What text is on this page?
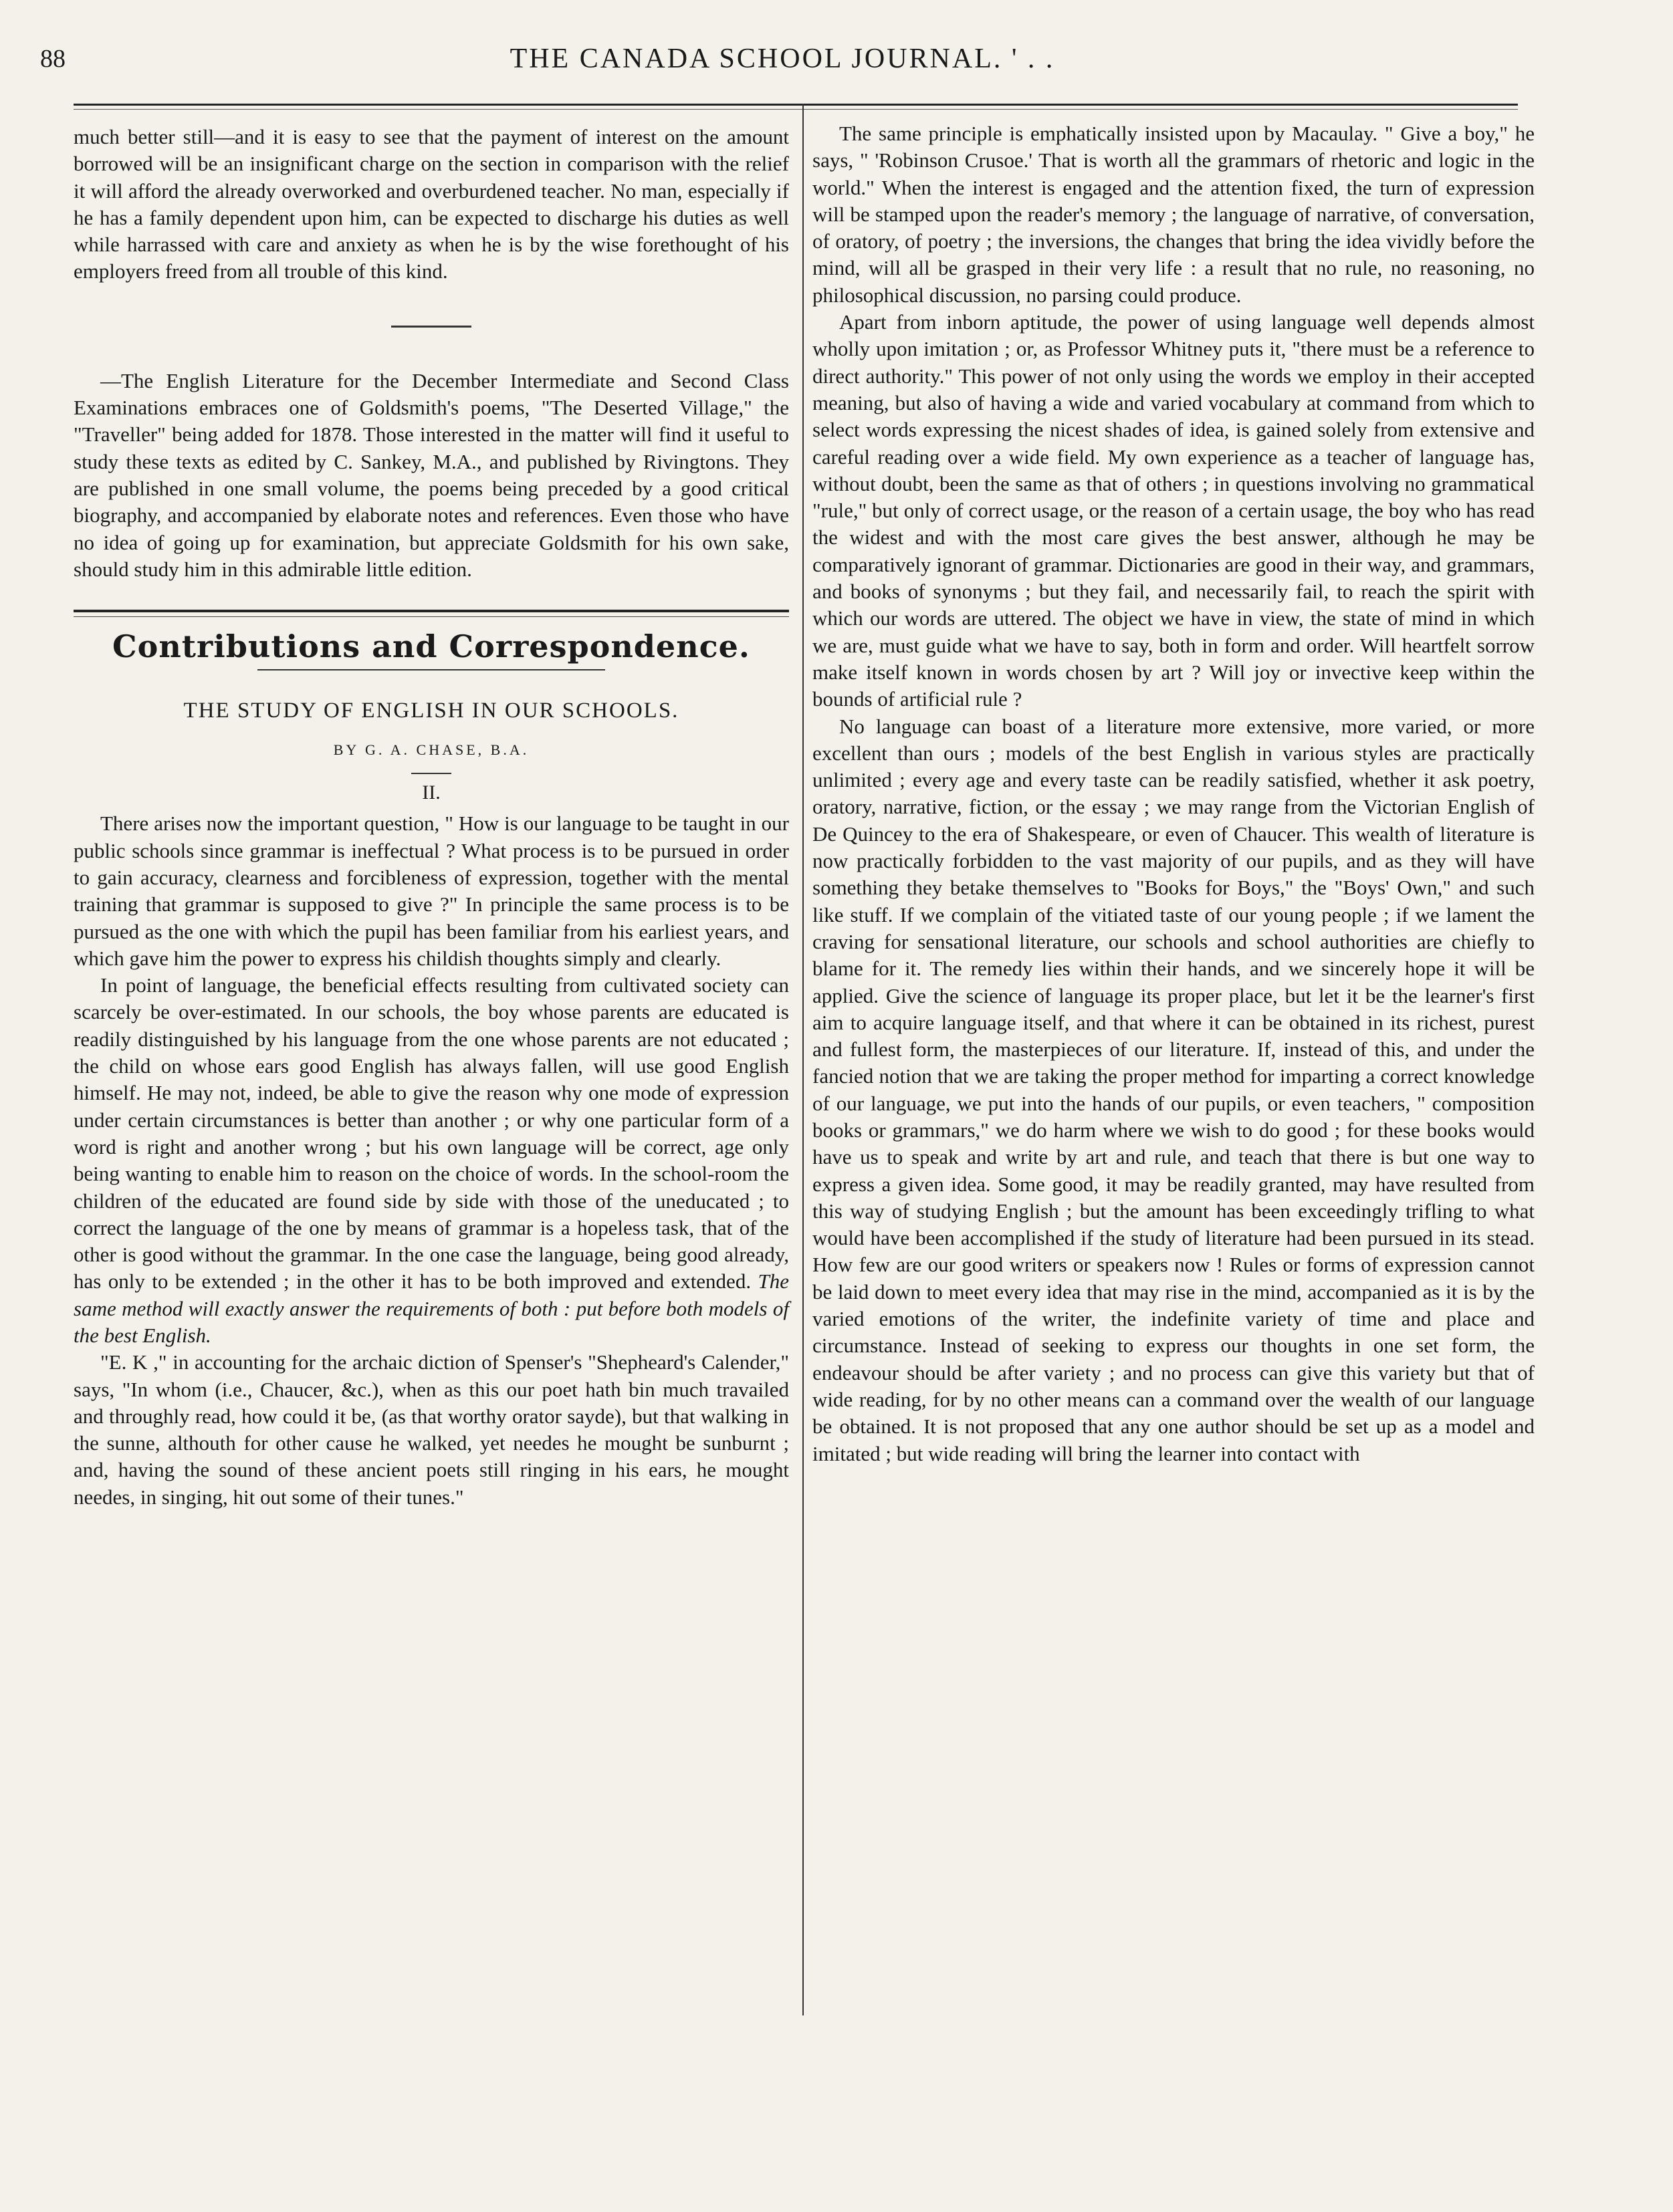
88	THE CANADA SCHOOL JOURNAL. ' . .

much better still—and it is easy to see that the payment of interest on the amount borrowed will be an insignificant charge on the section in comparison with the relief it will afford the already overworked and overburdened teacher. No man, especially if he has a family dependent upon him, can be expected to discharge his duties as well while harrassed with care and anxiety as when he is by the wise forethought of his employers freed from all trouble of this kind.

—The English Literature for the December Intermediate and Second Class Examinations embraces one of Goldsmith's poems, "The Deserted Village," the "Traveller" being added for 1878. Those interested in the matter will find it useful to study these texts as edited by C. Sankey, M.A., and published by Rivingtons. They are published in one small volume, the poems being preceded by a good critical biography, and accompanied by elaborate notes and references. Even those who have no idea of going up for examination, but appreciate Goldsmith for his own sake, should study him in this admirable little edition.

Contributions and Correspondence.
THE STUDY OF ENGLISH IN OUR SCHOOLS.
BY G. A. CHASE, B.A.
II.

There arises now the important question, " How is our language to be taught in our public schools since grammar is ineffectual ? What process is to be pursued in order to gain accuracy, clearness and forcibleness of expression, together with the mental training that grammar is supposed to give ?" In principle the same process is to be pursued as the one with which the pupil has been familiar from his earliest years, and which gave him the power to express his childish thoughts simply and clearly.

In point of language, the beneficial effects resulting from cultivated society can scarcely be over-estimated. In our schools, the boy whose parents are educated is readily distinguished by his language from the one whose parents are not educated ; the child on whose ears good English has always fallen, will use good English himself. He may not, indeed, be able to give the reason why one mode of expression under certain circumstances is better than another ; or why one particular form of a word is right and another wrong ; but his own language will be correct, age only being wanting to enable him to reason on the choice of words. In the school-room the children of the educated are found side by side with those of the uneducated ; to correct the language of the one by means of grammar is a hopeless task, that of the other is good without the grammar. In the one case the language, being good already, has only to be extended ; in the other it has to be both improved and extended. The same method will exactly answer the requirements of both : put before both models of the best English.

"E. K ," in accounting for the archaic diction of Spenser's "Shepheard's Calender," says, "In whom (i.e., Chaucer, &c.), when as this our poet hath bin much travailed and throughly read, how could it be, (as that worthy orator sayde), but that walking in the sunne, althouth for other cause he walked, yet needes he mought be sunburnt ; and, having the sound of these ancient poets still ringing in his ears, he mought needes, in singing, hit out some of their tunes."

The same principle is emphatically insisted upon by Macaulay. " Give a boy," he says, " 'Robinson Crusoe.' That is worth all the grammars of rhetoric and logic in the world." When the interest is engaged and the attention fixed, the turn of expression will be stamped upon the reader's memory ; the language of narrative, of conversation, of oratory, of poetry ; the inversions, the changes that bring the idea vividly before the mind, will all be grasped in their very life : a result that no rule, no reasoning, no philosophical discussion, no parsing could produce.

Apart from inborn aptitude, the power of using language well depends almost wholly upon imitation ; or, as Professor Whitney puts it, "there must be a reference to direct authority." This power of not only using the words we employ in their accepted meaning, but also of having a wide and varied vocabulary at command from which to select words expressing the nicest shades of idea, is gained solely from extensive and careful reading over a wide field. My own experience as a teacher of language has, without doubt, been the same as that of others ; in questions involving no grammatical "rule," but only of correct usage, or the reason of a certain usage, the boy who has read the widest and with the most care gives the best answer, although he may be comparatively ignorant of grammar. Dictionaries are good in their way, and grammars, and books of synonyms ; but they fail, and necessarily fail, to reach the spirit with which our words are uttered. The object we have in view, the state of mind in which we are, must guide what we have to say, both in form and order. Will heartfelt sorrow make itself known in words chosen by art ? Will joy or invective keep within the bounds of artificial rule ?

No language can boast of a literature more extensive, more varied, or more excellent than ours ; models of the best English in various styles are practically unlimited ; every age and every taste can be readily satisfied, whether it ask poetry, oratory, narrative, fiction, or the essay ; we may range from the Victorian English of De Quincey to the era of Shakespeare, or even of Chaucer. This wealth of literature is now practically forbidden to the vast majority of our pupils, and as they will have something they betake themselves to "Books for Boys," the "Boys' Own," and such like stuff. If we complain of the vitiated taste of our young people ; if we lament the craving for sensational literature, our schools and school authorities are chiefly to blame for it. The remedy lies within their hands, and we sincerely hope it will be applied. Give the science of language its proper place, but let it be the learner's first aim to acquire language itself, and that where it can be obtained in its richest, purest and fullest form, the masterpieces of our literature. If, instead of this, and under the fancied notion that we are taking the proper method for imparting a correct knowledge of our language, we put into the hands of our pupils, or even teachers, " composition books or grammars," we do harm where we wish to do good ; for these books would have us to speak and write by art and rule, and teach that there is but one way to express a given idea. Some good, it may be readily granted, may have resulted from this way of studying English ; but the amount has been exceedingly trifling to what would have been accomplished if the study of literature had been pursued in its stead. How few are our good writers or speakers now ! Rules or forms of expression cannot be laid down to meet every idea that may rise in the mind, accompanied as it is by the varied emotions of the writer, the indefinite variety of time and place and circumstance. Instead of seeking to express our thoughts in one set form, the endeavour should be after variety ; and no process can give this variety but that of wide reading, for by no other means can a command over the wealth of our language be obtained. It is not proposed that any one author should be set up as a model and imitated ; but wide reading will bring the learner into contact with
